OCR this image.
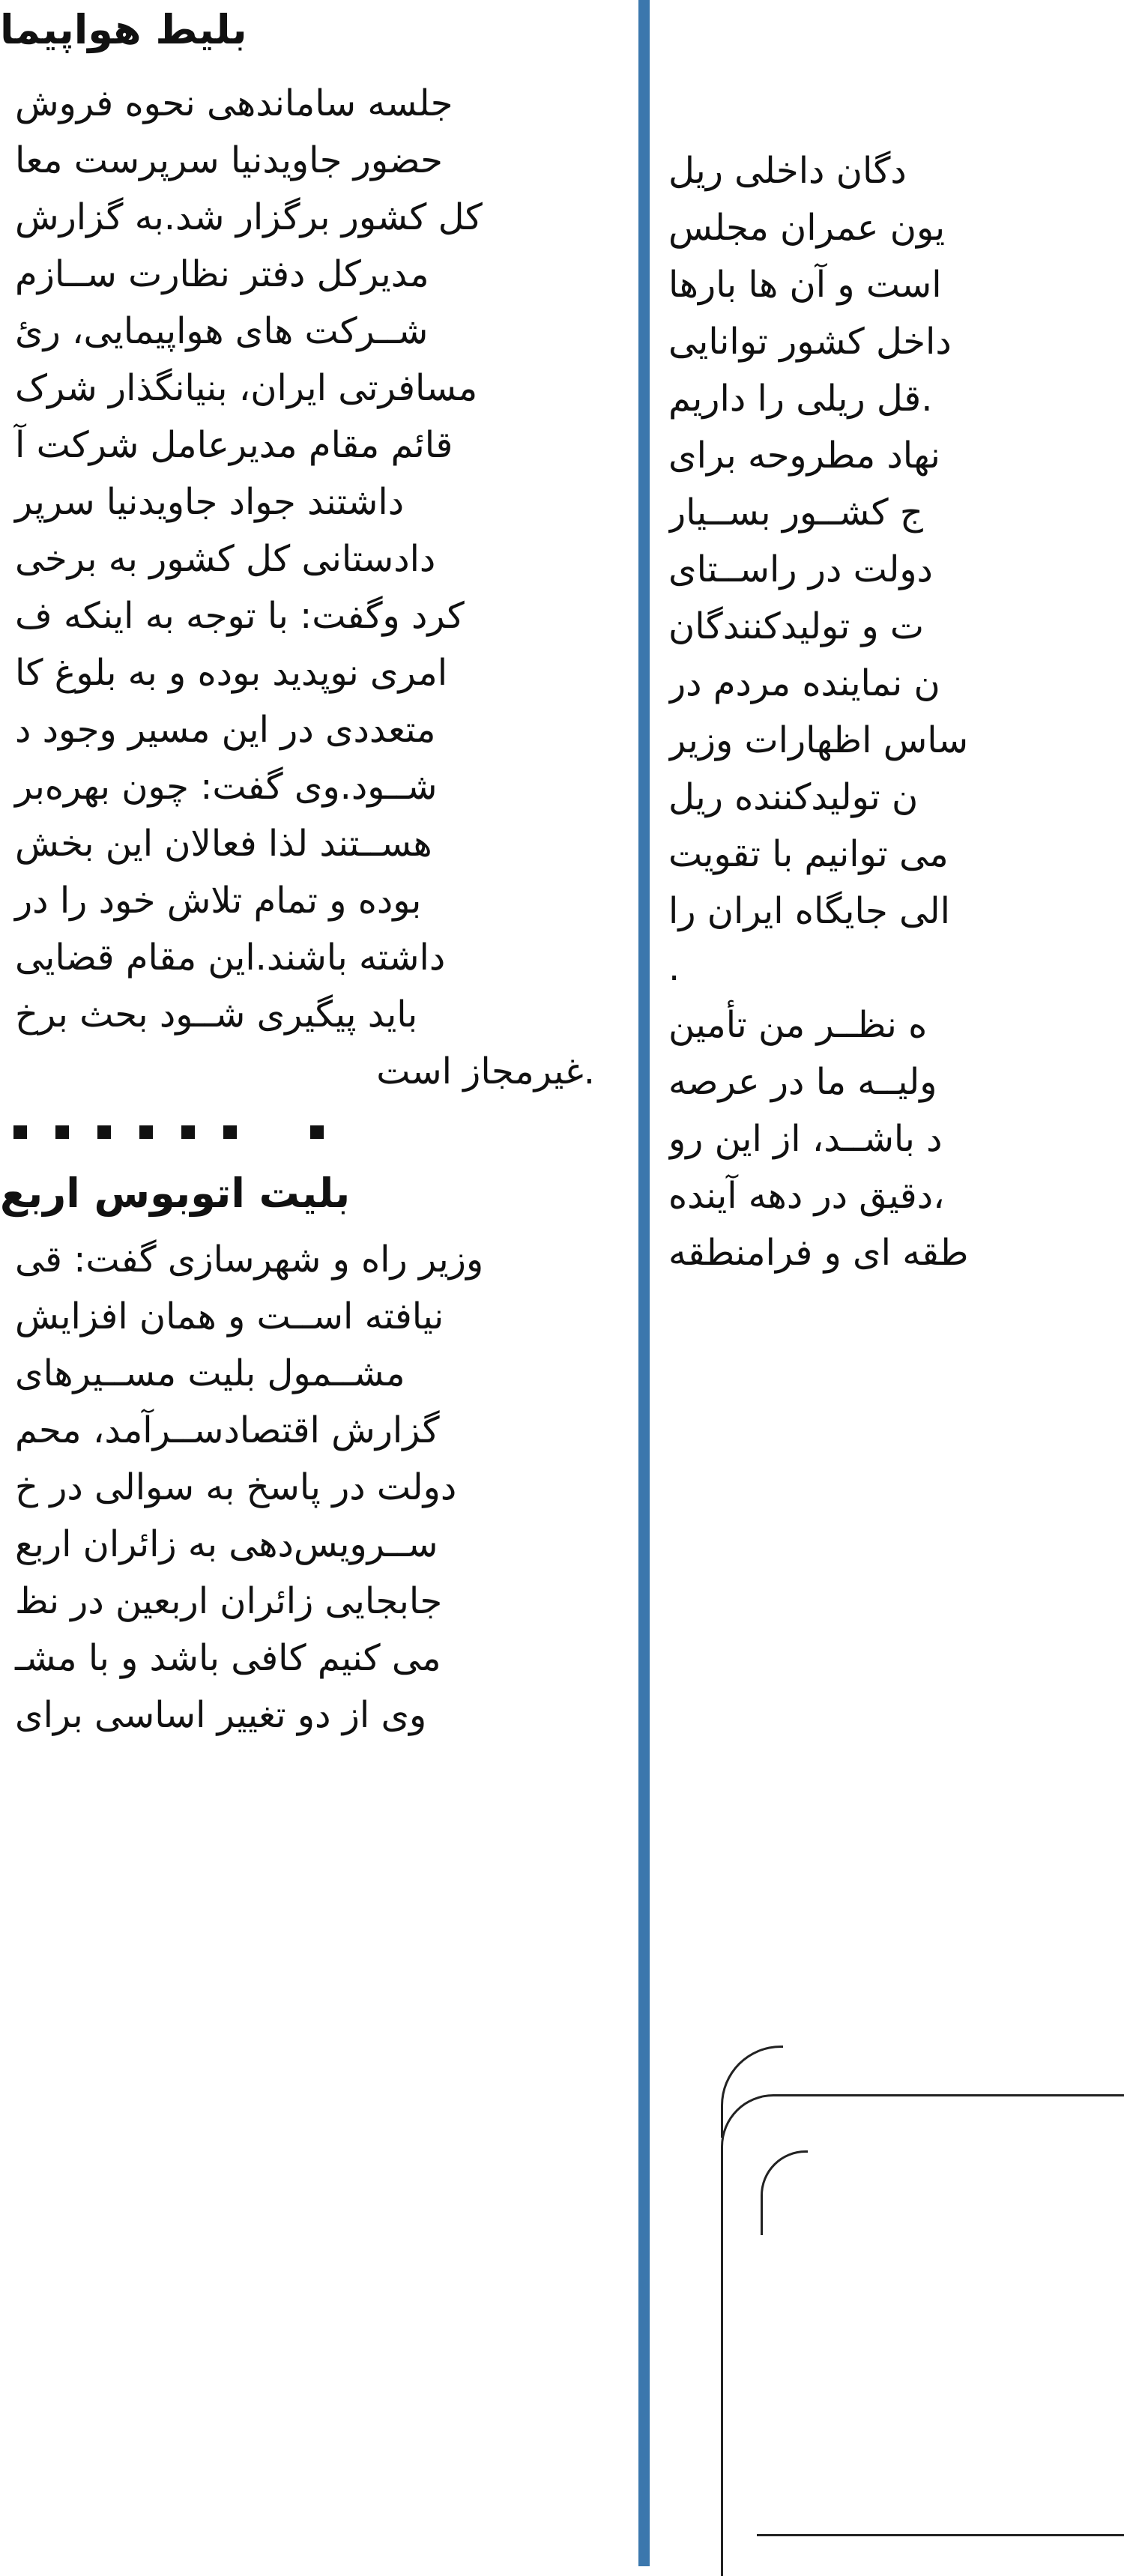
بلیط هواپیما

جلسه ساماندهی نحوه فروش

حضور جاویدنیا سرپرست معا

کل کشور برگزار شد.به گزارش

مدیرکل دفتر نظارت ســازم

شــرکت های هواپیمایی، رئ

مسافرتی ایران، بنیانگذار شرک

قائم مقام مدیرعامل شرکت آ

داشتند جواد جاویدنیا سرپر

دادستانی کل کشور به برخی

کرد وگفت: با توجه به اینکه ف

امری نوپدید بوده و به بلوغ کا

متعددی در این مسیر وجود د

شــود.وی گفت: چون بهره‌بر

هســتند لذا فعالان این بخش

بوده و تمام تلاش خود را در

داشته باشند.این مقام قضایی

باید پیگیری شــود بحث برخ

غیرمجاز است.

بلیت اتوبوس اربع

وزیر راه و شهرسازی گفت: قی

نیافته اســت و همان افزایش

مشــمول بلیت مســیرهای

گزارش اقتصادســرآمد، محم

دولت در پاسخ به سوالی در خ

ســرویس‌دهی به زائران اربع

جابجایی زائران اربعین در نظ

می کنیم کافی باشد و با مشـ

وی از دو تغییر اساسی برای

دگان داخلی ریل

یون عمران مجلس

است و آن ها بارها

داخل کشور توانایی

قل ریلی را داریم.

نهاد مطروحه برای

ج کشــور بســیار

دولت در راســتای

ت و تولیدکنندگان

ن نماینده مردم در

ساس اظهارات وزیر

ن تولیدکننده ریل

می توانیم با تقویت

الی جایگاه ایران را

.

ه نظــر من تأمین

ولیــه ما در عرصه

د باشــد، از این رو

دقیق در دهه آینده،

طقه ای و فرامنطقه
